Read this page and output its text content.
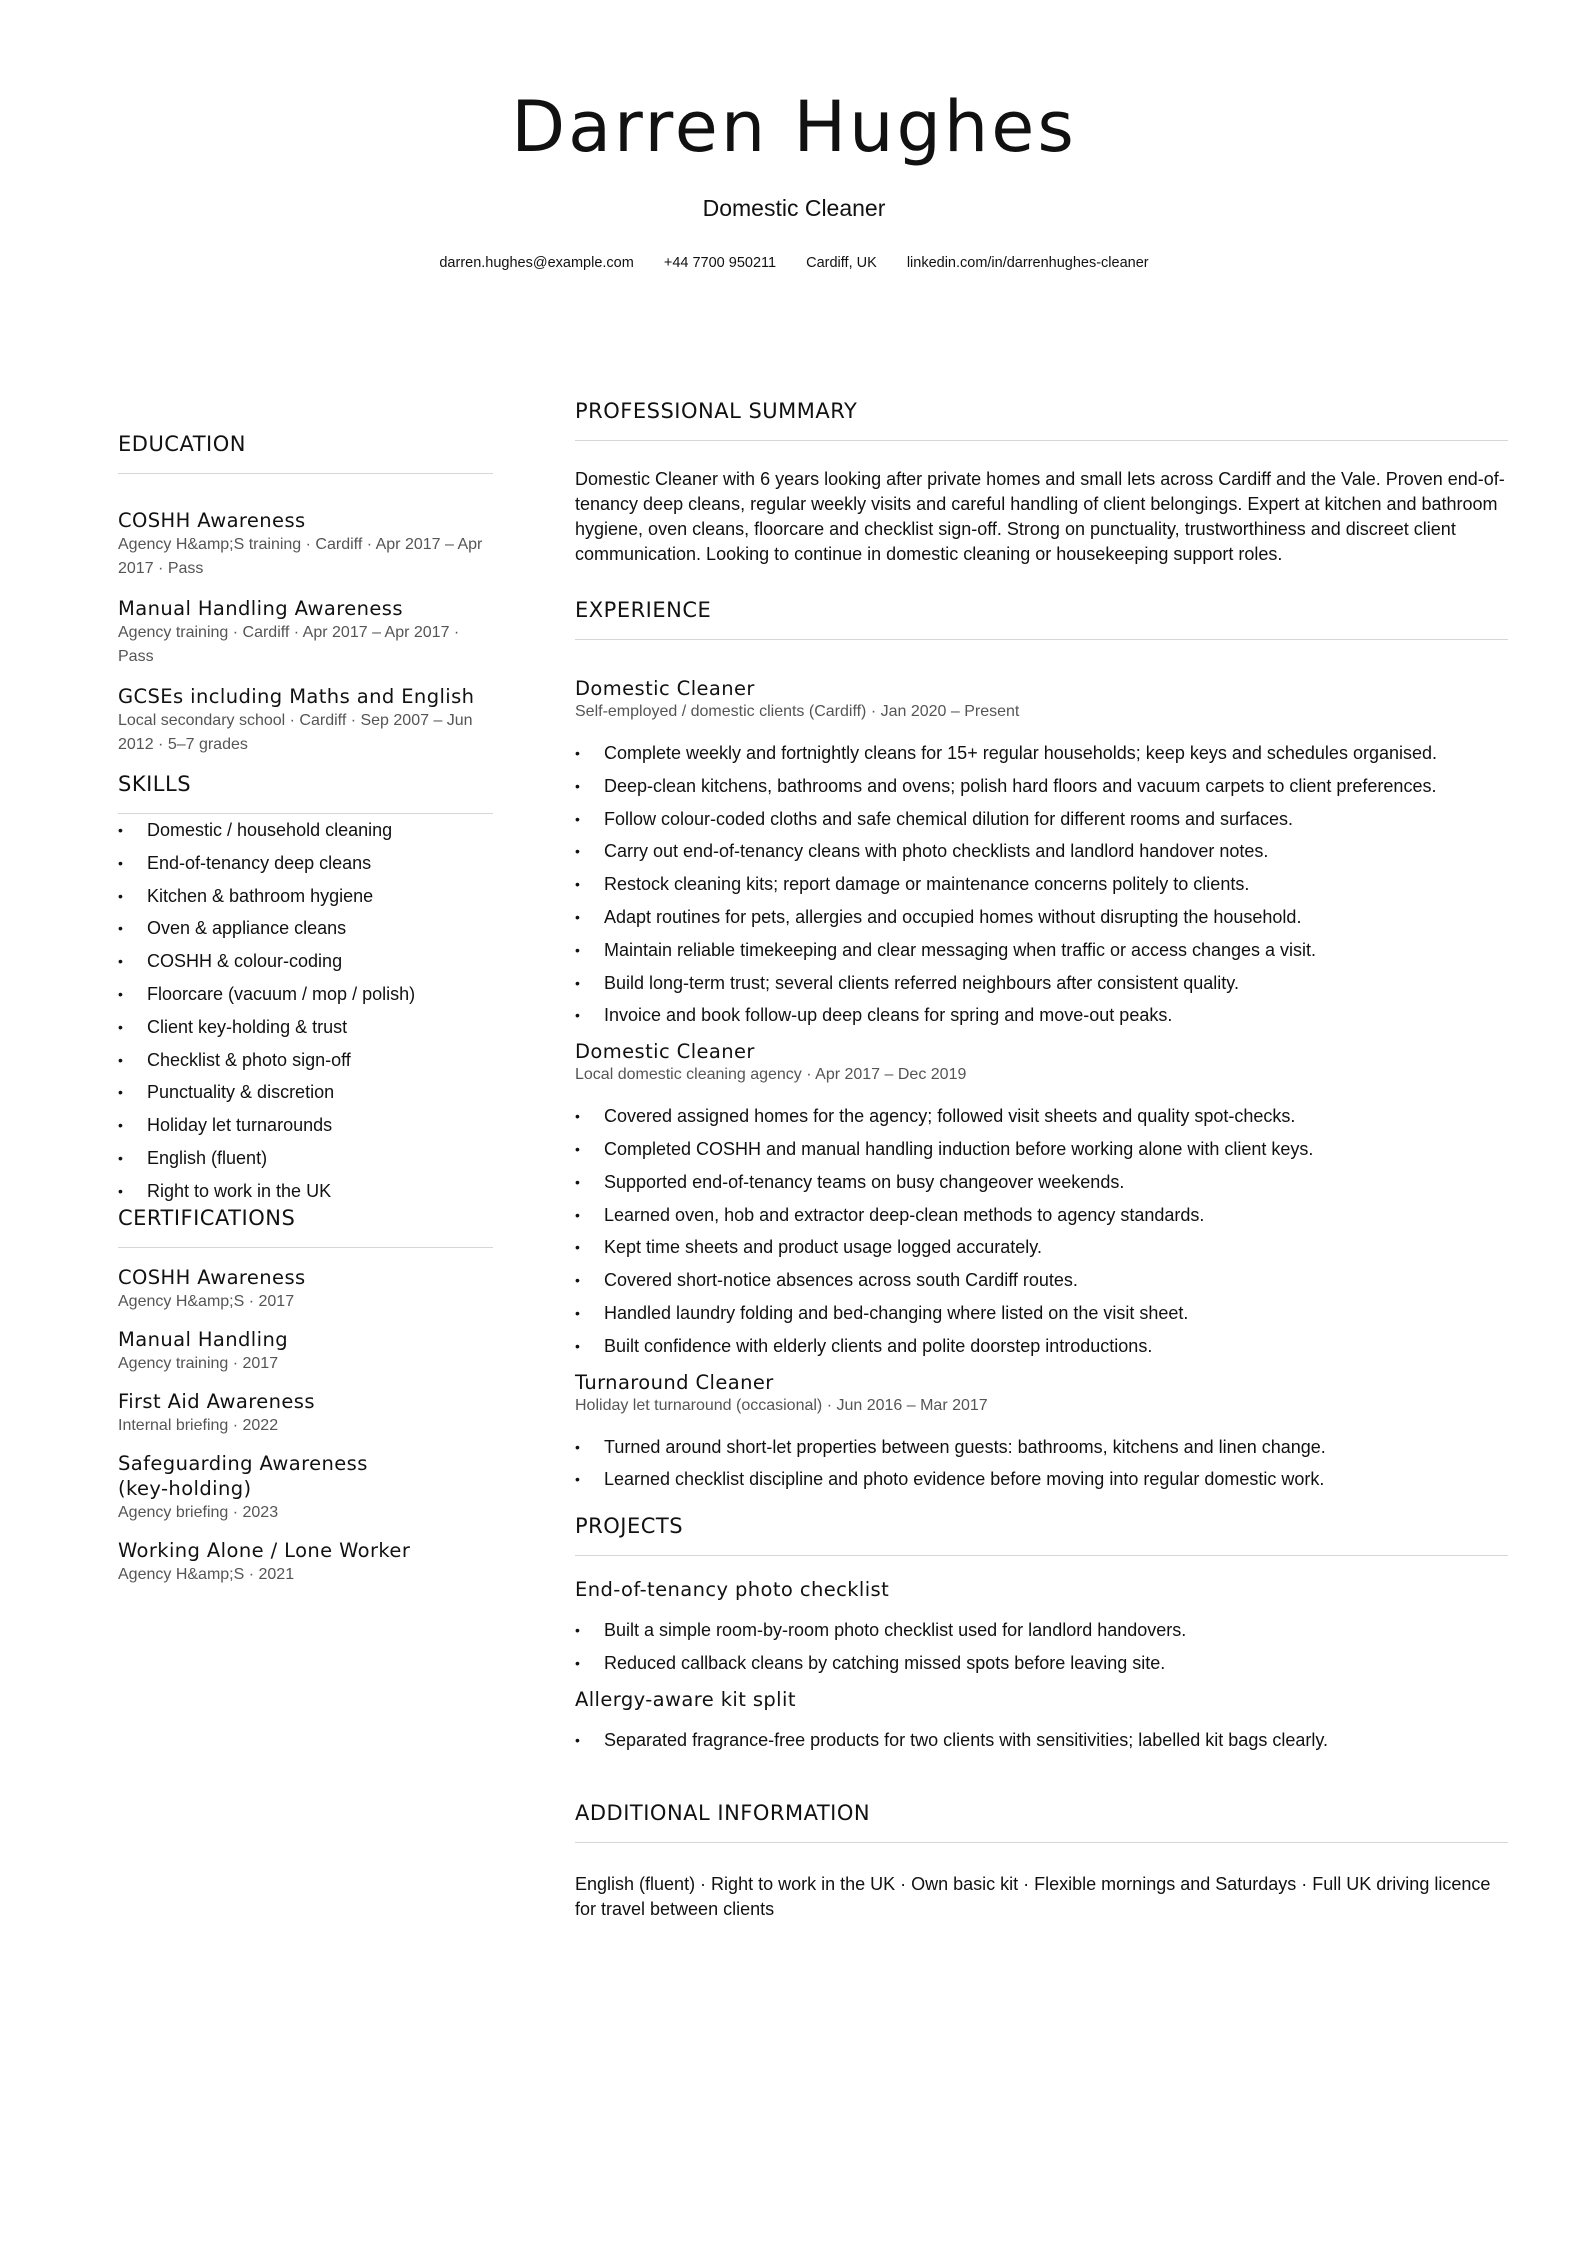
Darren Hughes
Domestic Cleaner
darren.hughes@example.com +44 7700 950211 Cardiff, UK linkedin.com/in/darrenhughes-cleaner
EDUCATION
COSHH Awareness
Agency H&amp;S training · Cardiff · Apr 2017 – Apr 2017 · Pass
Manual Handling Awareness
Agency training · Cardiff · Apr 2017 – Apr 2017 · Pass
GCSEs including Maths and English
Local secondary school · Cardiff · Sep 2007 – Jun 2012 · 5–7 grades
SKILLS
• Domestic / household cleaning
• End-of-tenancy deep cleans
• Kitchen & bathroom hygiene
• Oven & appliance cleans
• COSHH & colour-coding
• Floorcare (vacuum / mop / polish)
• Client key-holding & trust
• Checklist & photo sign-off
• Punctuality & discretion
• Holiday let turnarounds
• English (fluent)
• Right to work in the UK
CERTIFICATIONS
COSHH Awareness
Agency H&amp;S · 2017
Manual Handling
Agency training · 2017
First Aid Awareness
Internal briefing · 2022
Safeguarding Awareness (key-holding)
Agency briefing · 2023
Working Alone / Lone Worker
Agency H&amp;S · 2021
PROFESSIONAL SUMMARY
Domestic Cleaner with 6 years looking after private homes and small lets across Cardiff and the Vale. Proven end-of-tenancy deep cleans, regular weekly visits and careful handling of client belongings. Expert at kitchen and bathroom hygiene, oven cleans, floorcare and checklist sign-off. Strong on punctuality, trustworthiness and discreet client communication. Looking to continue in domestic cleaning or housekeeping support roles.
EXPERIENCE
Domestic Cleaner
Self-employed / domestic clients (Cardiff) · Jan 2020 – Present
• Complete weekly and fortnightly cleans for 15+ regular households; keep keys and schedules organised.
• Deep-clean kitchens, bathrooms and ovens; polish hard floors and vacuum carpets to client preferences.
• Follow colour-coded cloths and safe chemical dilution for different rooms and surfaces.
• Carry out end-of-tenancy cleans with photo checklists and landlord handover notes.
• Restock cleaning kits; report damage or maintenance concerns politely to clients.
• Adapt routines for pets, allergies and occupied homes without disrupting the household.
• Maintain reliable timekeeping and clear messaging when traffic or access changes a visit.
• Build long-term trust; several clients referred neighbours after consistent quality.
• Invoice and book follow-up deep cleans for spring and move-out peaks.
Domestic Cleaner
Local domestic cleaning agency · Apr 2017 – Dec 2019
• Covered assigned homes for the agency; followed visit sheets and quality spot-checks.
• Completed COSHH and manual handling induction before working alone with client keys.
• Supported end-of-tenancy teams on busy changeover weekends.
• Learned oven, hob and extractor deep-clean methods to agency standards.
• Kept time sheets and product usage logged accurately.
• Covered short-notice absences across south Cardiff routes.
• Handled laundry folding and bed-changing where listed on the visit sheet.
• Built confidence with elderly clients and polite doorstep introductions.
Turnaround Cleaner
Holiday let turnaround (occasional) · Jun 2016 – Mar 2017
• Turned around short-let properties between guests: bathrooms, kitchens and linen change.
• Learned checklist discipline and photo evidence before moving into regular domestic work.
PROJECTS
End-of-tenancy photo checklist
• Built a simple room-by-room photo checklist used for landlord handovers.
• Reduced callback cleans by catching missed spots before leaving site.
Allergy-aware kit split
• Separated fragrance-free products for two clients with sensitivities; labelled kit bags clearly.
ADDITIONAL INFORMATION
English (fluent) · Right to work in the UK · Own basic kit · Flexible mornings and Saturdays · Full UK driving licence for travel between clients
